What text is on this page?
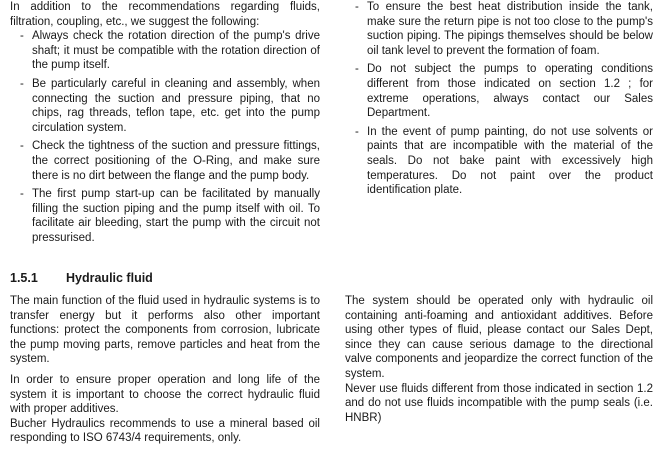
In addition to the recommendations regarding fluids, filtration, coupling, etc., we suggest the following:

- Always check the rotation direction of the pump's drive shaft; it must be compatible with the rotation direction of the pump itself.
- Be particularly careful in cleaning and assembly, when connecting the suction and pressure piping, that no chips, rag threads, teflon tape, etc. get into the pump circulation system.
- Check the tightness of the suction and pressure fittings, the correct positioning of the O-Ring, and make sure there is no dirt between the flange and the pump body.
- The first pump start-up can be facilitated by manually filling the suction piping and the pump itself with oil. To facilitate air bleeding, start the pump with the circuit not pressurised.
- To ensure the best heat distribution inside the tank, make sure the return pipe is not too close to the pump's suction piping. The pipings themselves should be below oil tank level to prevent the formation of foam.
- Do not subject the pumps to operating conditions different from those indicated on section 1.2 ; for extreme operations, always contact our Sales Department.
- In the event of pump painting, do not use solvents or paints that are incompatible with the material of the seals. Do not bake paint with excessively high temperatures. Do not paint over the product identification plate.
1.5.1 Hydraulic fluid

The main function of the fluid used in hydraulic systems is to transfer energy but it performs also other important functions: protect the components from corrosion, lubricate the pump moving parts, remove particles and heat from the system.

In order to ensure proper operation and long life of the system it is important to choose the correct hydraulic fluid with proper additives.

Bucher Hydraulics recommends to use a mineral based oil responding to ISO 6743/4 requirements, only.

The system should be operated only with hydraulic oil containing anti-foaming and antioxidant additives. Before using other types of fluid, please contact our Sales Dept, since they can cause serious damage to the directional valve components and jeopardize the correct function of the system.

Never use fluids different from those indicated in section 1.2 and do not use fluids incompatible with the pump seals (i.e. HNBR)
